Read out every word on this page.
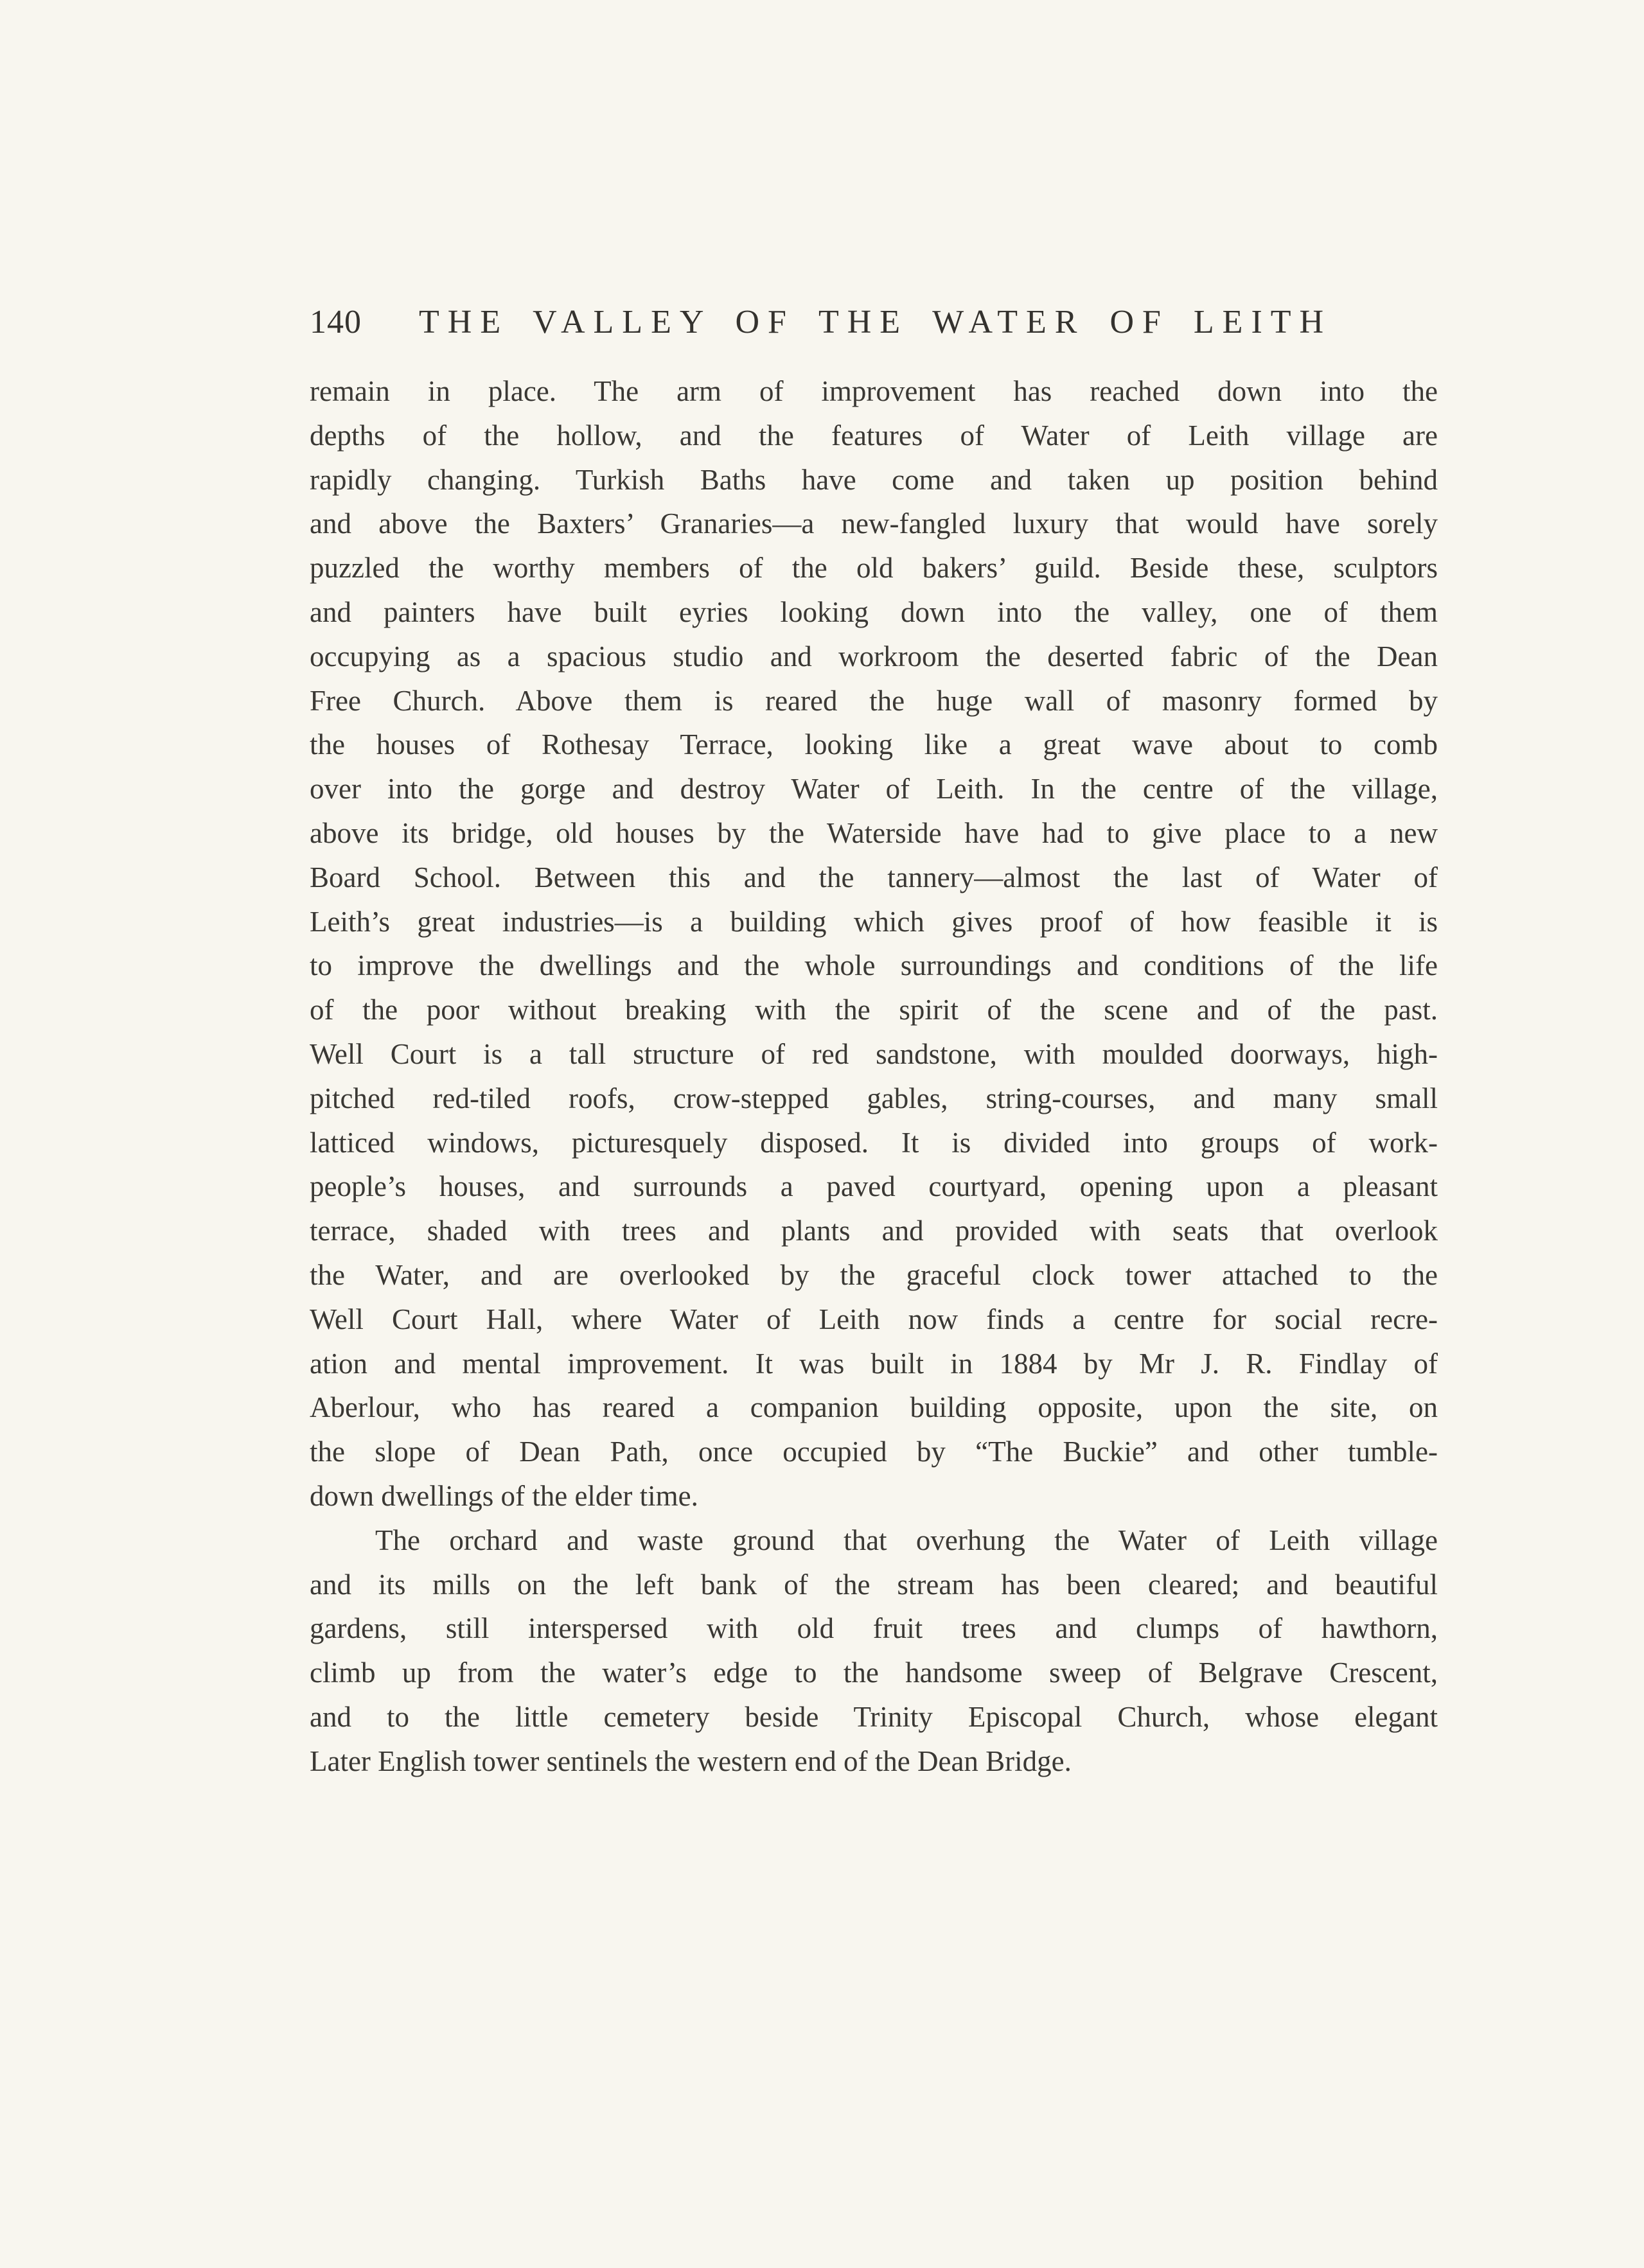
140 THE VALLEY OF THE WATER OF LEITH
remain in place. The arm of improvement has reached down into the
depths of the hollow, and the features of Water of Leith village are
rapidly changing. Turkish Baths have come and taken up position behind
and above the Baxters’ Granaries—a new-fangled luxury that would have sorely
puzzled the worthy members of the old bakers’ guild. Beside these, sculptors
and painters have built eyries looking down into the valley, one of them
occupying as a spacious studio and workroom the deserted fabric of the Dean
Free Church. Above them is reared the huge wall of masonry formed by
the houses of Rothesay Terrace, looking like a great wave about to comb
over into the gorge and destroy Water of Leith. In the centre of the village,
above its bridge, old houses by the Waterside have had to give place to a new
Board School. Between this and the tannery—almost the last of Water of
Leith’s great industries—is a building which gives proof of how feasible it is
to improve the dwellings and the whole surroundings and conditions of the life
of the poor without breaking with the spirit of the scene and of the past.
Well Court is a tall structure of red sandstone, with moulded doorways, high-
pitched red-tiled roofs, crow-stepped gables, string-courses, and many small
latticed windows, picturesquely disposed. It is divided into groups of work-
people’s houses, and surrounds a paved courtyard, opening upon a pleasant
terrace, shaded with trees and plants and provided with seats that overlook
the Water, and are overlooked by the graceful clock tower attached to the
Well Court Hall, where Water of Leith now finds a centre for social recre-
ation and mental improvement. It was built in 1884 by Mr J. R. Findlay of
Aberlour, who has reared a companion building opposite, upon the site, on
the slope of Dean Path, once occupied by “The Buckie” and other tumble-
down dwellings of the elder time.
The orchard and waste ground that overhung the Water of Leith village
and its mills on the left bank of the stream has been cleared; and beautiful
gardens, still interspersed with old fruit trees and clumps of hawthorn,
climb up from the water’s edge to the handsome sweep of Belgrave Crescent,
and to the little cemetery beside Trinity Episcopal Church, whose elegant
Later English tower sentinels the western end of the Dean Bridge.
